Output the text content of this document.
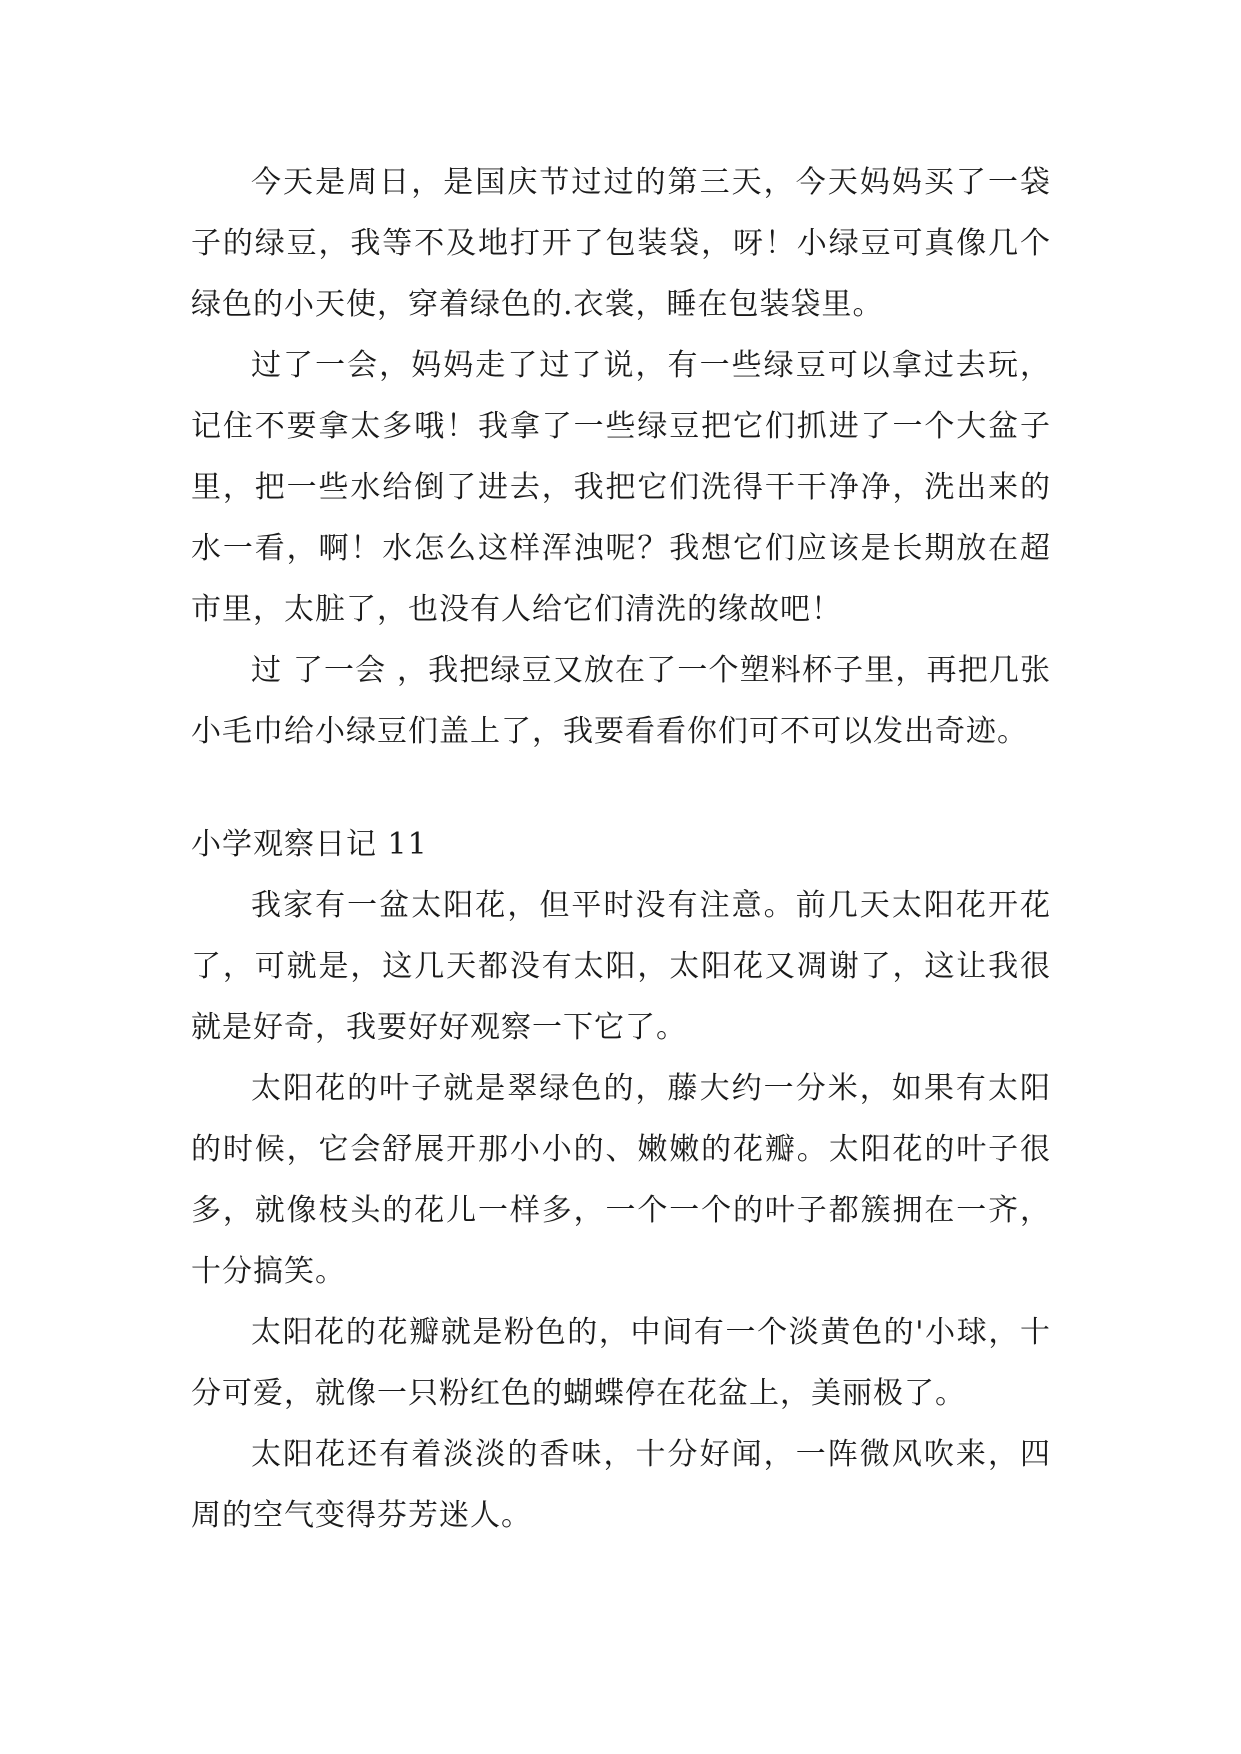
今天是周日，是国庆节过过的第三天，今天妈妈买了一袋子的绿豆，我等不及地打开了包装袋，呀！小绿豆可真像几个绿色的小天使，穿着绿色的.衣裳，睡在包装袋里。

过了一会，妈妈走了过了说，有一些绿豆可以拿过去玩，记住不要拿太多哦！我拿了一些绿豆把它们抓进了一个大盆子里，把一些水给倒了进去，我把它们洗得干干净净，洗出来的水一看，啊！水怎么这样浑浊呢？我想它们应该是长期放在超市里，太脏了，也没有人给它们清洗的缘故吧！

过 了一会 ，我把绿豆又放在了一个塑料杯子里，再把几张小毛巾给小绿豆们盖上了，我要看看你们可不可以发出奇迹。

小学观察日记 11

我家有一盆太阳花，但平时没有注意。前几天太阳花开花了，可就是，这几天都没有太阳，太阳花又凋谢了，这让我很就是好奇，我要好好观察一下它了。

太阳花的叶子就是翠绿色的，藤大约一分米，如果有太阳的时候，它会舒展开那小小的、嫩嫩的花瓣。太阳花的叶子很多，就像枝头的花儿一样多，一个一个的叶子都簇拥在一齐，十分搞笑。

太阳花的花瓣就是粉色的，中间有一个淡黄色的'小球，十分可爱，就像一只粉红色的蝴蝶停在花盆上，美丽极了。

太阳花还有着淡淡的香味，十分好闻，一阵微风吹来，四周的空气变得芬芳迷人。
